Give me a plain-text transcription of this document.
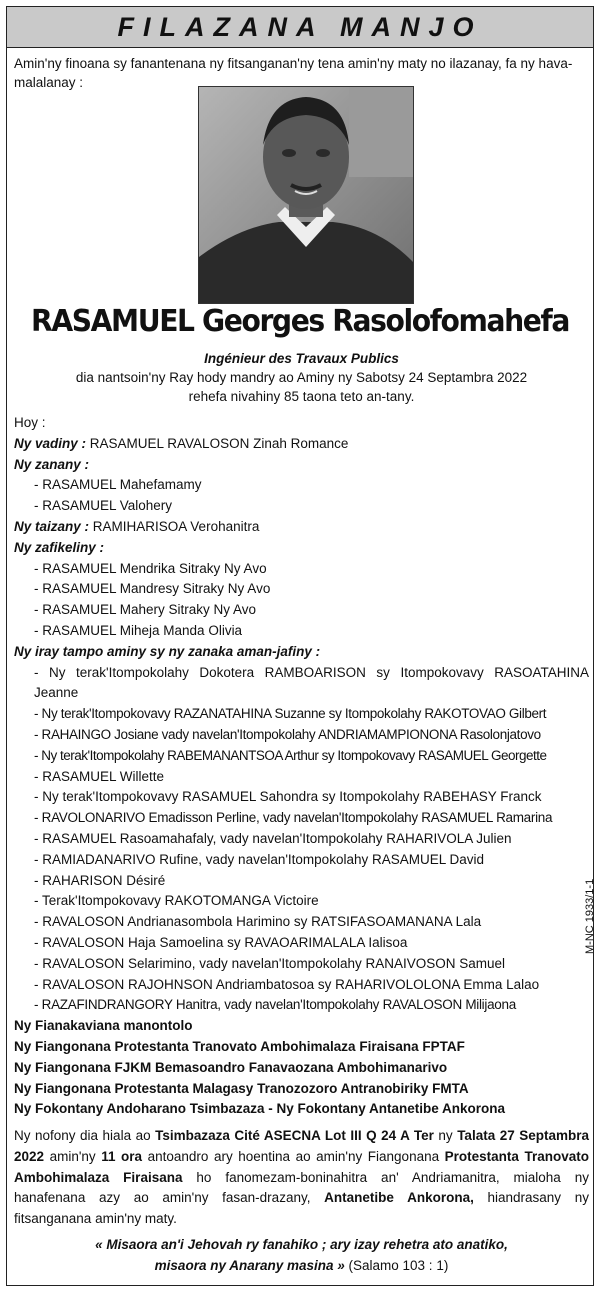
FILAZANA MANJO
Amin'ny finoana sy fanantenana ny fitsanganan'ny tena amin'ny maty no ilazanay, fa ny hava-malalanay :
RASAMUEL Georges Rasolofomahefa
Ingénieur des Travaux Publics
dia nantsoin'ny Ray hody mandry ao Aminy ny Sabotsy 24 Septambra 2022
rehefa nivahiny 85 taona teto an-tany.
Hoy :
Ny vadiny : RASAMUEL RAVALOSON Zinah Romance
Ny zanany :
- RASAMUEL Mahefamamy
- RASAMUEL Valohery
Ny taizany : RAMIHARISOA Verohanitra
Ny zafikeliny :
- RASAMUEL Mendrika Sitraky Ny Avo
- RASAMUEL Mandresy Sitraky Ny Avo
- RASAMUEL Mahery Sitraky Ny Avo
- RASAMUEL Miheja Manda Olivia
Ny iray tampo aminy sy ny zanaka aman-jafiny :
- Ny terak'Itompokolahy Dokotera RAMBOARISON sy Itompokovavy RASOATAHINA Jeanne
- Ny terak'Itompokovavy RAZANATAHINA Suzanne sy Itompokolahy RAKOTOVAO Gilbert
- RAHAINGO Josiane vady navelan'Itompokolahy ANDRIAMAMPIONONA Rasolonjatovo
- Ny terak'Itompokolahy RABEMANANTSOA Arthur sy Itompokovavy RASAMUEL Georgette
- RASAMUEL Willette
- Ny terak'Itompokovavy RASAMUEL Sahondra sy Itompokolahy RABEHASY Franck
- RAVOLONARIVO Emadisson Perline, vady navelan'Itompokolahy RASAMUEL Ramarina
- RASAMUEL Rasoamahafaly, vady navelan'Itompokolahy RAHARIVOLA Julien
- RAMIADANARIVO Rufine, vady navelan'Itompokolahy RASAMUEL David
- RAHARISON Désiré
- Terak'Itompokovavy RAKOTOMANGA Victoire
- RAVALOSON Andrianasombola Harimino sy RATSIFASOAMANANA Lala
- RAVALOSON Haja Samoelina sy RAVAOARIMALALA Ialisoa
- RAVALOSON Selarimino, vady navelan'Itompokolahy RANAIVOSON Samuel
- RAVALOSON RAJOHNSON Andriambatosoa sy RAHARIVOLOLONA Emma Lalao
- RAZAFINDRANGORY Hanitra, vady navelan'Itompokolahy RAVALOSON Milijaona
Ny Fianakaviana manontolo
Ny Fiangonana Protestanta Tranovato Ambohimalaza Firaisana FPTAF
Ny Fiangonana FJKM Bemasoandro Fanavaozana Ambohimanarivo
Ny Fiangonana Protestanta Malagasy Tranozozoro Antranobiriky FMTA
Ny Fokontany Andoharano Tsimbazaza - Ny Fokontany Antanetibe Ankorona
Ny nofony dia hiala ao Tsimbazaza Cité ASECNA Lot III Q 24 A Ter ny Talata 27 Septambra 2022 amin'ny 11 ora antoandro ary hoentina ao amin'ny Fiangonana Protestanta Tranovato Ambohimalaza Firaisana ho fanomezam-boninahitra an' Andriamanitra, mialoha ny hanafenana azy ao amin'ny fasan-drazany, Antanetibe Ankorona, hiandrasany ny fitsanganana amin'ny maty.
« Misaora an'i Jehovah ry fanahiko ; ary izay rehetra ato anatiko,
misaora ny Anarany masina » (Salamo 103 : 1)
M-NC 1933/1-1
